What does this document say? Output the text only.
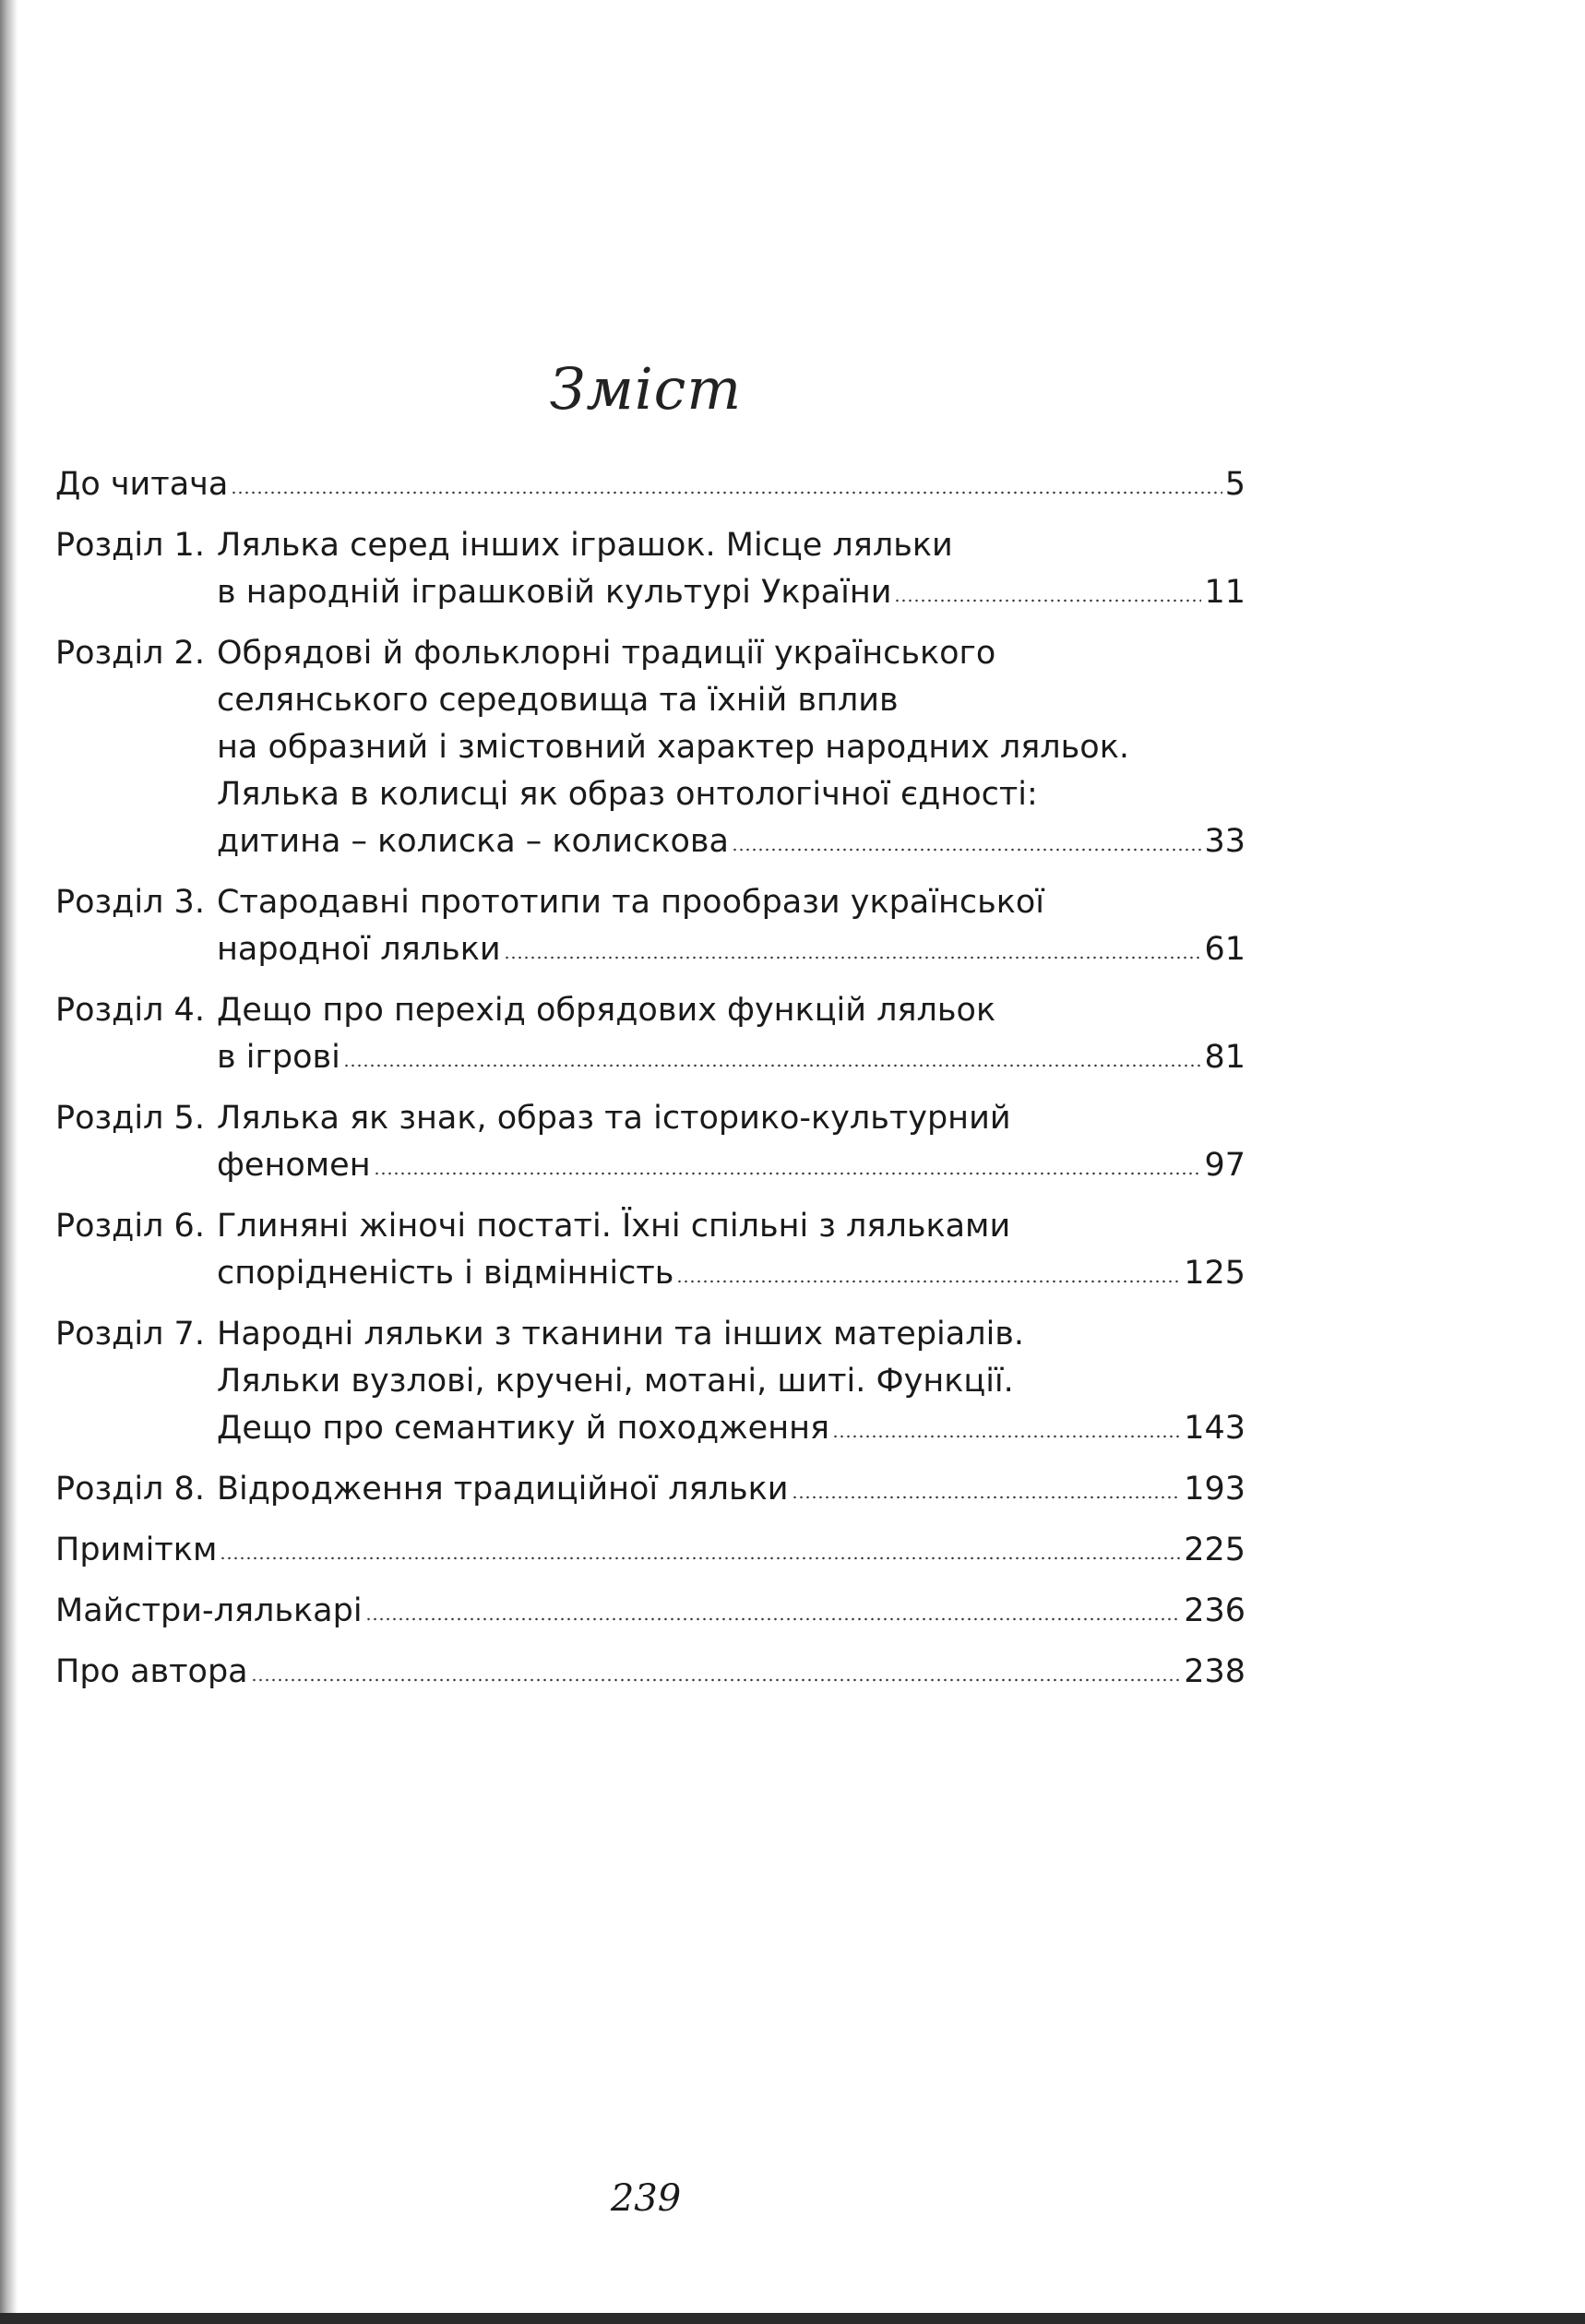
Зміст
До читача	5
Розділ 1. Лялька серед інших іграшок. Місце ляльки
в народній іграшковій культурі України	11
Розділ 2. Обрядові й фольклорні традиції українського
селянського середовища та їхній вплив
на образний і змістовний характер народних ляльок.
Лялька в колисці як образ онтологічної єдності:
дитина – колиска – колискова	33
Розділ 3. Стародавні прототипи та прообрази української
народної ляльки	61
Розділ 4. Дещо про перехід обрядових функцій ляльок
в ігрові	81
Розділ 5. Лялька як знак, образ та історико-культурний
феномен	97
Розділ 6. Глиняні жіночі постаті. Їхні спільні з ляльками
спорідненість і відмінність	125
Розділ 7. Народні ляльки з тканини та інших матеріалів.
Ляльки вузлові, кручені, мотані, шиті. Функції.
Дещо про семантику й походження	143
Розділ 8. Відродження традиційної ляльки	193
Приміткм	225
Майстри-лялькарі	236
Про автора	238
239
